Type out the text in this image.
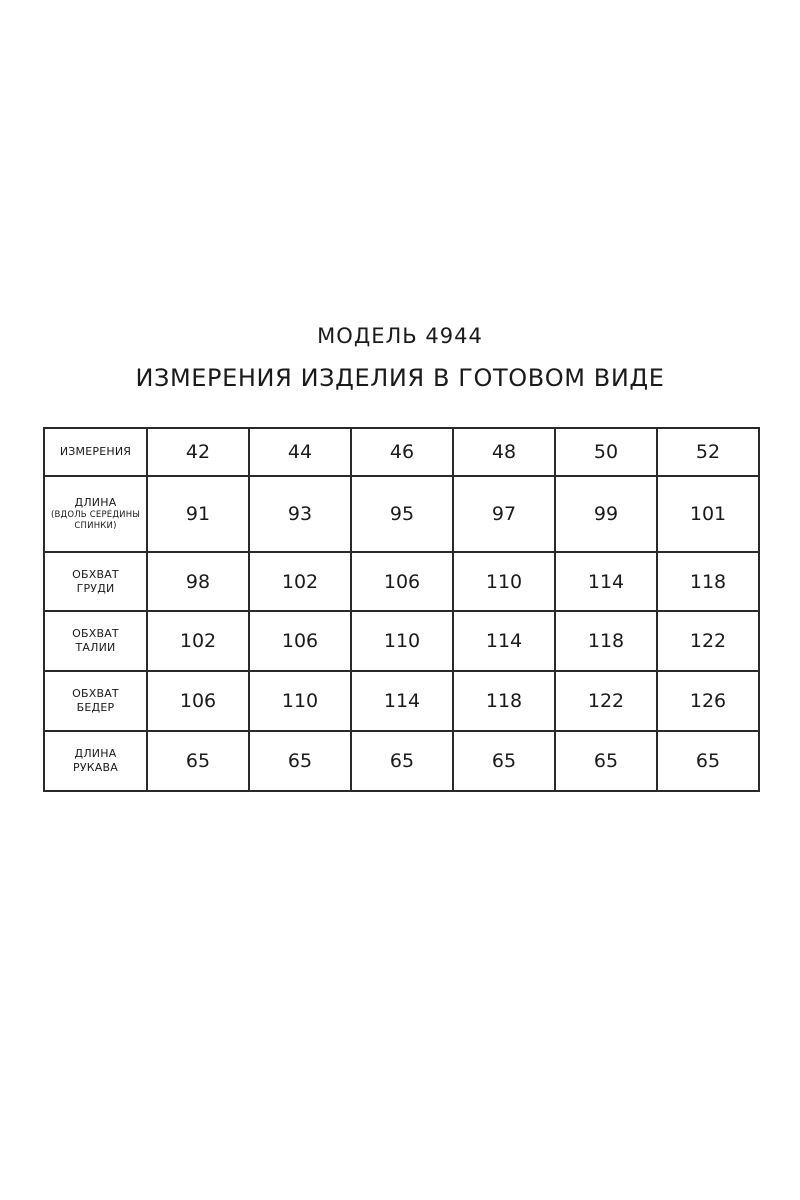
МОДЕЛЬ 4944
ИЗМЕРЕНИЯ ИЗДЕЛИЯ В ГОТОВОМ ВИДЕ
ИЗМЕРЕНИЯ	42	44	46	48	50	52
ДЛИНА
(ВДОЛЬ СЕРЕДИНЫ СПИНКИ)	91	93	95	97	99	101
ОБХВАТ ГРУДИ	98	102	106	110	114	118
ОБХВАТ ТАЛИИ	102	106	110	114	118	122
ОБХВАТ БЕДЕР	106	110	114	118	122	126
ДЛИНА РУКАВА	65	65	65	65	65	65
